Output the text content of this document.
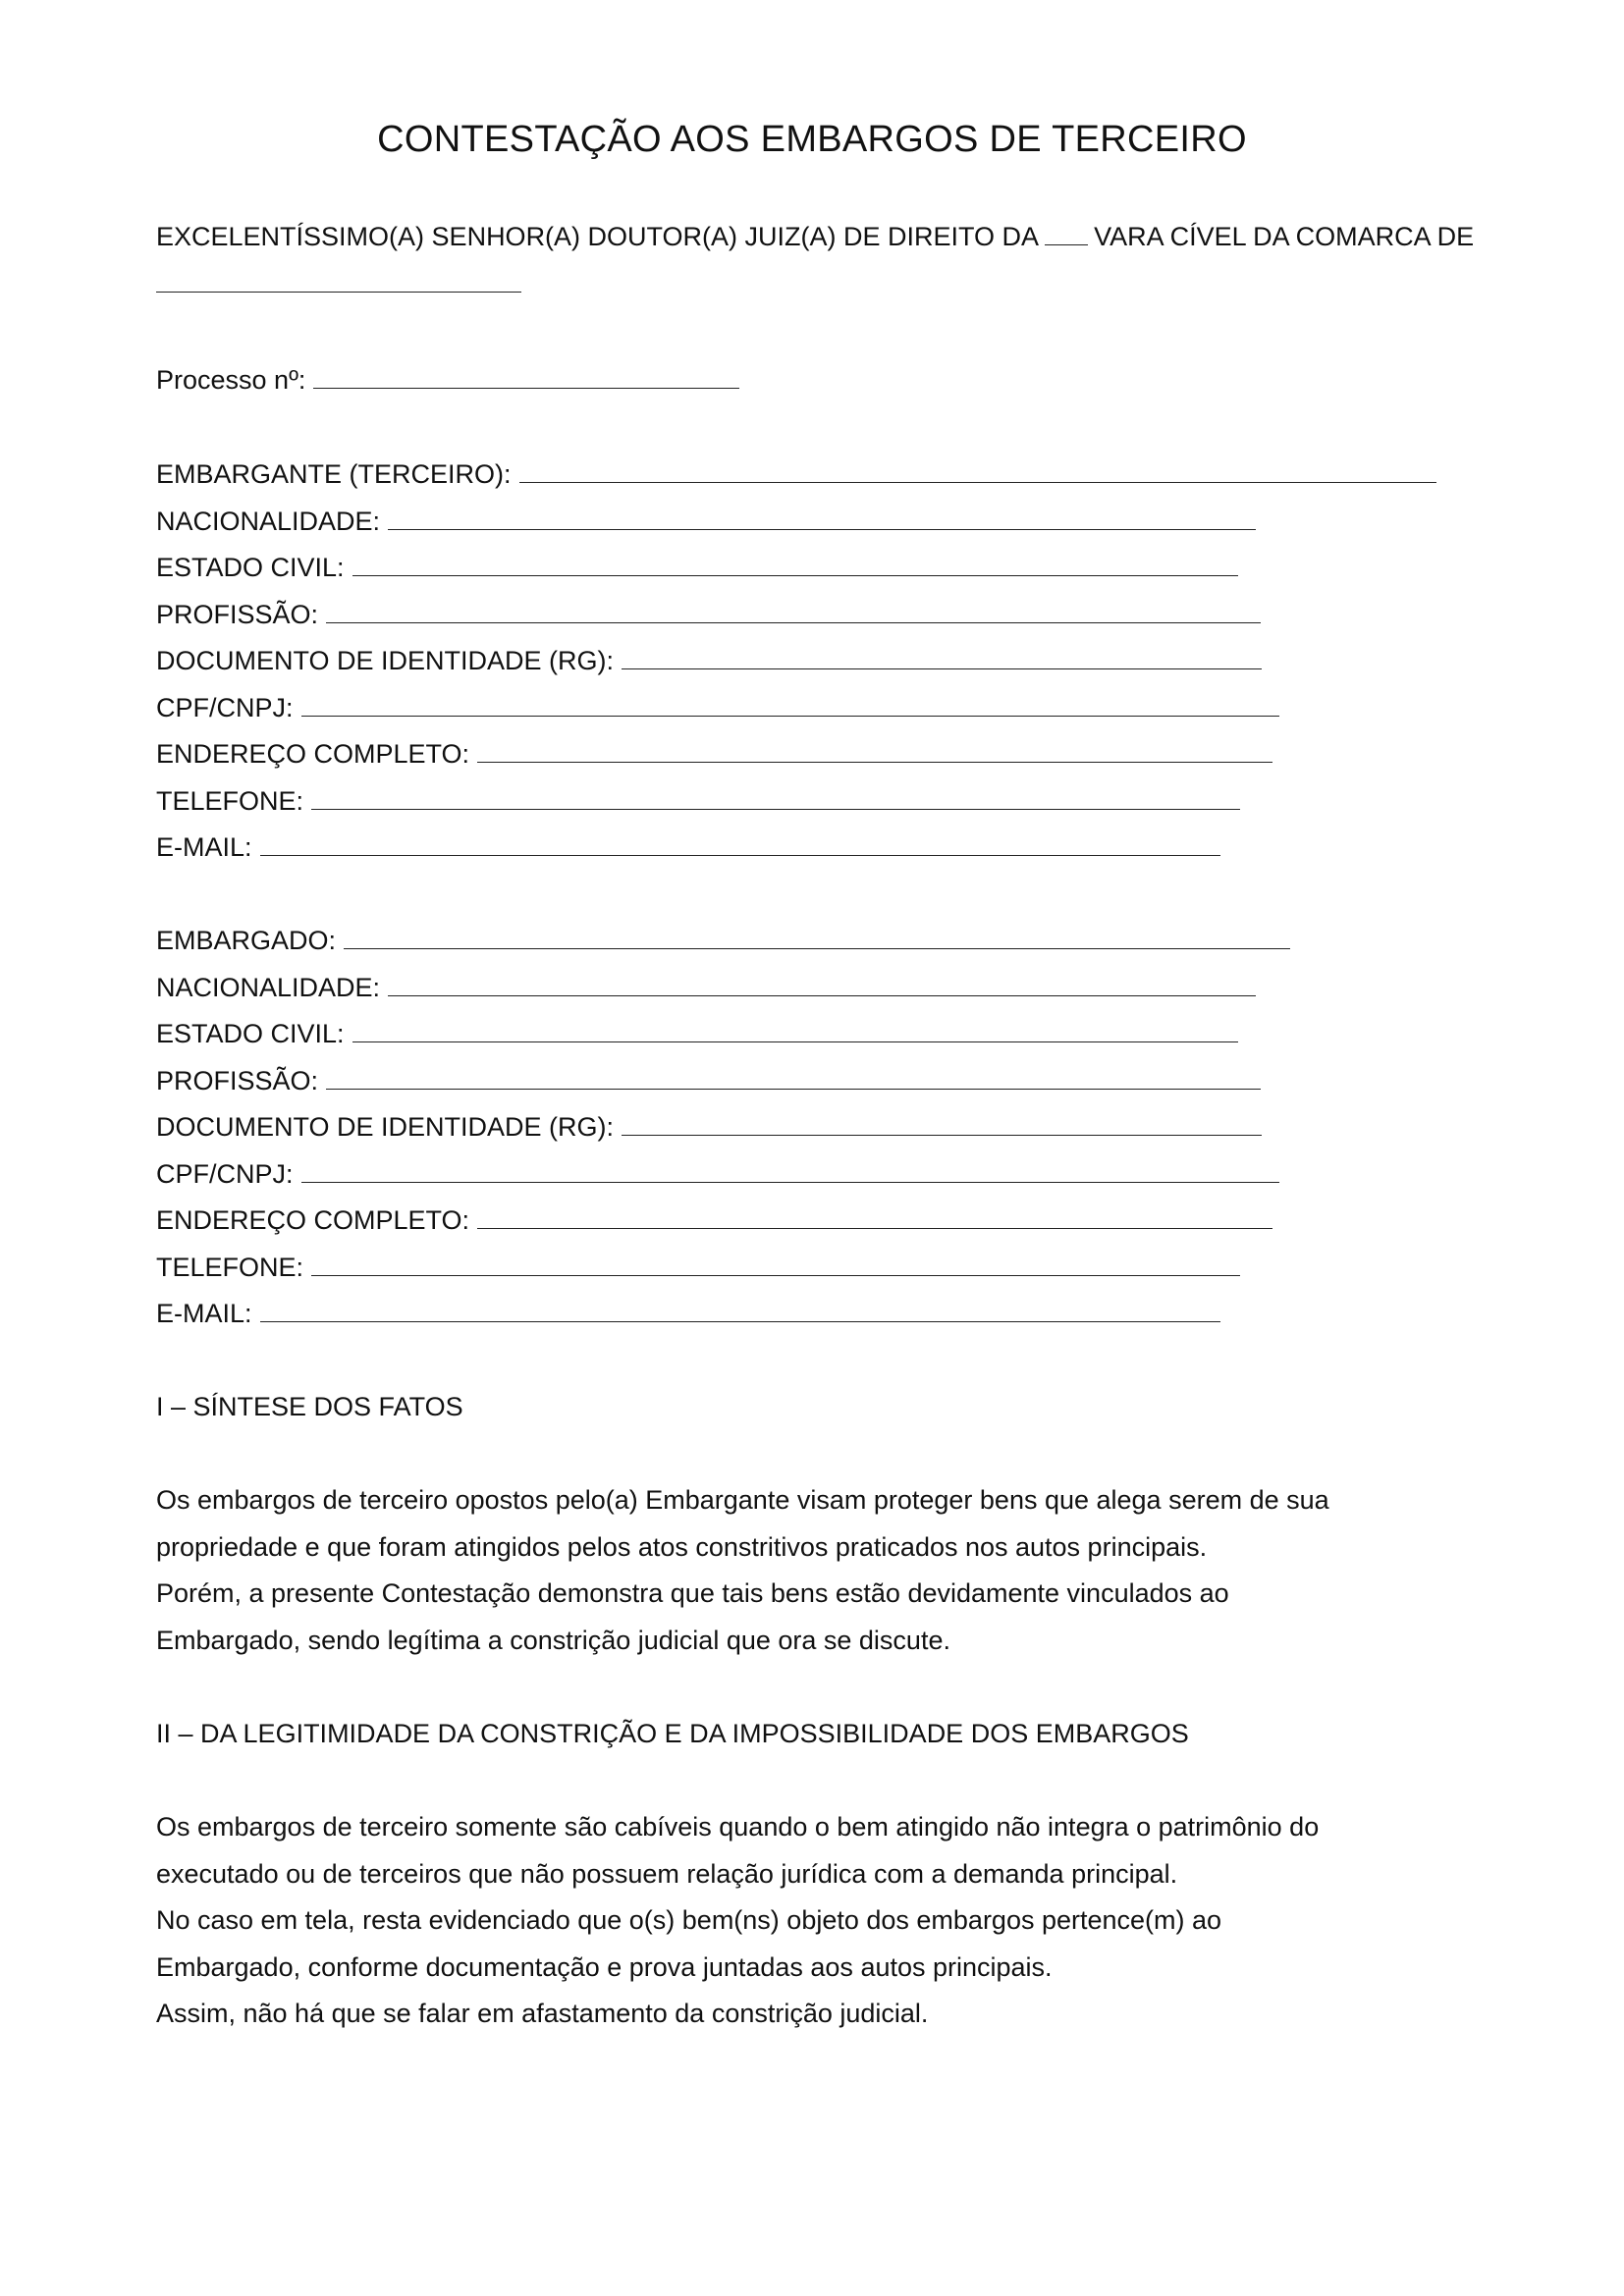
CONTESTAÇÃO AOS EMBARGOS DE TERCEIRO
EXCELENTÍSSIMO(A) SENHOR(A) DOUTOR(A) JUIZ(A) DE DIREITO DA VARA CÍVEL DA COMARCA DE
Processo nº:
EMBARGANTE (TERCEIRO):
NACIONALIDADE:
ESTADO CIVIL:
PROFISSÃO:
DOCUMENTO DE IDENTIDADE (RG):
CPF/CNPJ:
ENDEREÇO COMPLETO:
TELEFONE:
E-MAIL:
EMBARGADO:
NACIONALIDADE:
ESTADO CIVIL:
PROFISSÃO:
DOCUMENTO DE IDENTIDADE (RG):
CPF/CNPJ:
ENDEREÇO COMPLETO:
TELEFONE:
E-MAIL:
I – SÍNTESE DOS FATOS
Os embargos de terceiro opostos pelo(a) Embargante visam proteger bens que alega serem de sua
propriedade e que foram atingidos pelos atos constritivos praticados nos autos principais.
Porém, a presente Contestação demonstra que tais bens estão devidamente vinculados ao
Embargado, sendo legítima a constrição judicial que ora se discute.
II – DA LEGITIMIDADE DA CONSTRIÇÃO E DA IMPOSSIBILIDADE DOS EMBARGOS
Os embargos de terceiro somente são cabíveis quando o bem atingido não integra o patrimônio do
executado ou de terceiros que não possuem relação jurídica com a demanda principal.
No caso em tela, resta evidenciado que o(s) bem(ns) objeto dos embargos pertence(m) ao
Embargado, conforme documentação e prova juntadas aos autos principais.
Assim, não há que se falar em afastamento da constrição judicial.
